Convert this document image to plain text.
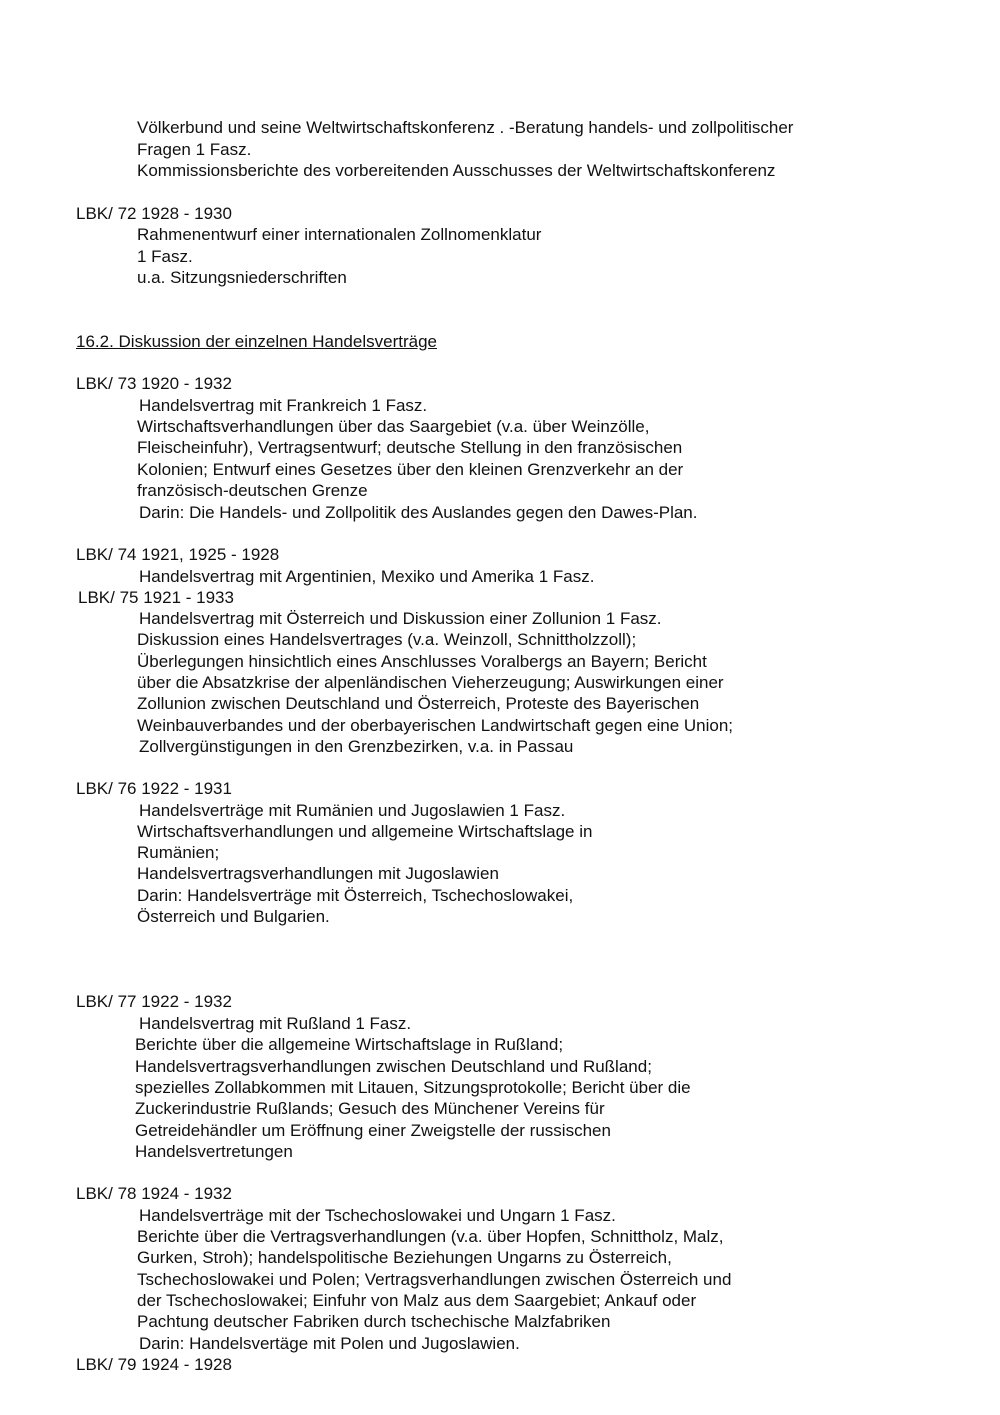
Völkerbund und seine Weltwirtschaftskonferenz . -Beratung handels- und zollpolitischer
Fragen 1 Fasz.
Kommissionsberichte des vorbereitenden Ausschusses der Weltwirtschaftskonferenz
LBK/ 72 1928 - 1930
Rahmenentwurf einer internationalen Zollnomenklatur
1 Fasz.
u.a. Sitzungsniederschriften
16.2. Diskussion der einzelnen Handelsverträge
LBK/ 73 1920 - 1932
Handelsvertrag mit Frankreich 1 Fasz.
Wirtschaftsverhandlungen über das Saargebiet (v.a. über Weinzölle,
Fleischeinfuhr), Vertragsentwurf; deutsche Stellung in den französischen
Kolonien; Entwurf eines Gesetzes über den kleinen Grenzverkehr an der
französisch-deutschen Grenze
Darin: Die Handels- und Zollpolitik des Auslandes gegen den Dawes-Plan.
LBK/ 74 1921, 1925 - 1928
Handelsvertrag mit Argentinien, Mexiko und Amerika 1 Fasz.
LBK/ 75 1921 - 1933
Handelsvertrag mit Österreich und Diskussion einer Zollunion 1 Fasz.
Diskussion eines Handelsvertrages (v.a. Weinzoll, Schnittholzzoll);
Überlegungen hinsichtlich eines Anschlusses Voralbergs an Bayern; Bericht
über die Absatzkrise der alpenländischen Vieherzeugung; Auswirkungen einer
Zollunion zwischen Deutschland und Österreich, Proteste des Bayerischen
Weinbauverbandes und der oberbayerischen Landwirtschaft gegen eine Union;
Zollvergünstigungen in den Grenzbezirken, v.a. in Passau
LBK/ 76 1922 - 1931
Handelsverträge mit Rumänien und Jugoslawien 1 Fasz.
Wirtschaftsverhandlungen und allgemeine Wirtschaftslage in
Rumänien;
Handelsvertragsverhandlungen mit Jugoslawien
Darin: Handelsverträge mit Österreich, Tschechoslowakei,
Österreich und Bulgarien.
LBK/ 77 1922 - 1932
Handelsvertrag mit Rußland 1 Fasz.
Berichte über die allgemeine Wirtschaftslage in Rußland;
Handelsvertragsverhandlungen zwischen Deutschland und Rußland;
spezielles Zollabkommen mit Litauen, Sitzungsprotokolle; Bericht über die
Zuckerindustrie Rußlands; Gesuch des Münchener Vereins für
Getreidehändler um Eröffnung einer Zweigstelle der russischen
Handelsvertretungen
LBK/ 78 1924 - 1932
Handelsverträge mit der Tschechoslowakei und Ungarn 1 Fasz.
Berichte über die Vertragsverhandlungen (v.a. über Hopfen, Schnittholz, Malz,
Gurken, Stroh); handelspolitische Beziehungen Ungarns zu Österreich,
Tschechoslowakei und Polen; Vertragsverhandlungen zwischen Österreich und
der Tschechoslowakei; Einfuhr von Malz aus dem Saargebiet; Ankauf oder
Pachtung deutscher Fabriken durch tschechische Malzfabriken
Darin: Handelsvertäge mit Polen und Jugoslawien.
LBK/ 79 1924 - 1928
